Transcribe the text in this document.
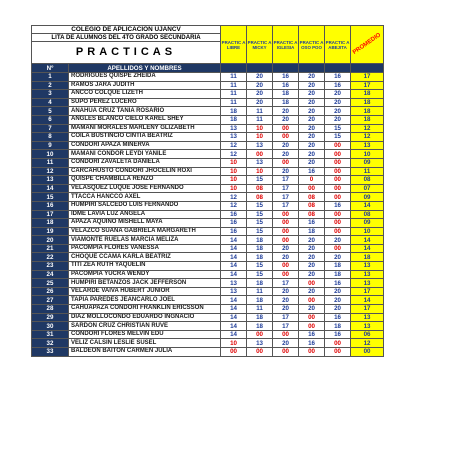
COLEGIO DE APLICACIÓN UJANCV		PRACTIC A LIBRE	PRACTIC A MICKY	PRACTIC A IGLESIA	PRACTIC A OSO POO	PRACTIC A ABEJITA	PROMEDIO	
LITA DE ALUMNOS DEL 4TO GRADO SECUNDARIA								
PRACTICAS								
Nº	APELLIDOS Y NOMBRES							
1	RODRIGUES QUISPE ZHEIDA	11	20	16	20	16	17	
2	RAMOS JARA JUDITH	11	20	16	20	16	17	
3	ANCCO COLQUE LIZETH	11	20	18	20	20	18	
4	SUPO PEREZ LUCERO	11	20	18	20	20	18	
5	ANAHUA CRUZ TANIA ROSARIO	18	11	20	20	20	18	
6	ANGLES BLANCO CIELO KAREL SHEY	18	11	20	20	20	18	
7	MAMANI MORALES MARLENY GLIZABETH	13	10	00	20	15	12	
8	COILA BUSTINCIO CINTIA BEATRIZ	13	10	00	20	15	12	
9	CONDORI APAZA MINERVA	12	13	20	20	00	13	
10	MAMANI CONDOR LEYDI YANILE	12	00	20	20	00	10	
11	CONDORI ZAVALETA DANIELA	10	13	00	20	00	09	
12	CARCAHUSTO CONDORI JHOCELIN ROXI	10	10	20	16	00	11	
13	QUISPE CHAMBILLA RENZO	10	15	17	0	00	08	
14	VELASQUEZ LUQUE JOSE FERNANDO	10	08	17	00	00	07	
15	TTACCA HANCCO AXEL	12	08	17	08	00	09	
16	HUMPIRI SALCEDO LUIS FERNANDO	12	15	17	08	16	14	
17	IDME LAVIA LUZ ANGELA	16	15	00	08	00	08	
18	APAZA AQUINO MISHELL MAYA	16	15	00	16	00	09	
19	VELAZCO SUAÑA GABRIELA MARGARETH	16	15	00	18	00	10	
20	VIAMONTE RUELAS MARCIA MELIZA	14	18	00	20	20	14	
21	PACOMPIA FLORES VANESSA	14	18	20	20	00	14	
22	CHOQUE CCAMA KARLA BEATRIZ	14	18	20	20	20	18	
23	TITI ZEA RUTH YAQUELIN	14	15	00	20	18	13	
24	PACOMPIA YUCRA WENDY	14	15	00	20	18	13	
25	HUMPIRI BETANZOS JACK JEFFERSON	13	18	17	00	16	13	
26	VELARDE VAIVA HUBERT JUNIOR	13	11	20	20	20	17	
27	TAPIA PAREDES JEANCARLO JOEL	14	18	20	00	20	14	
28	CAHUAPAZA CONDORI FRANKLIN ERICSSON	14	11	20	20	20	17	
29	DIAZ MOLLOCONDO EDUARDO INGNACIO	14	18	17	00	16	13	
30	SARDON CRUZ CHRISTIAN RUVE	14	18	17	00	18	13	
31	CONDORI FLORES MELVIN EDU	14	00	00	16	16	06	
32	VELIZ CALSIN LESLIE SUSEL	10	13	20	16	00	12	
33	BALDEON BAITON CARMEN JULIA	00	00	00	00	00	00	
